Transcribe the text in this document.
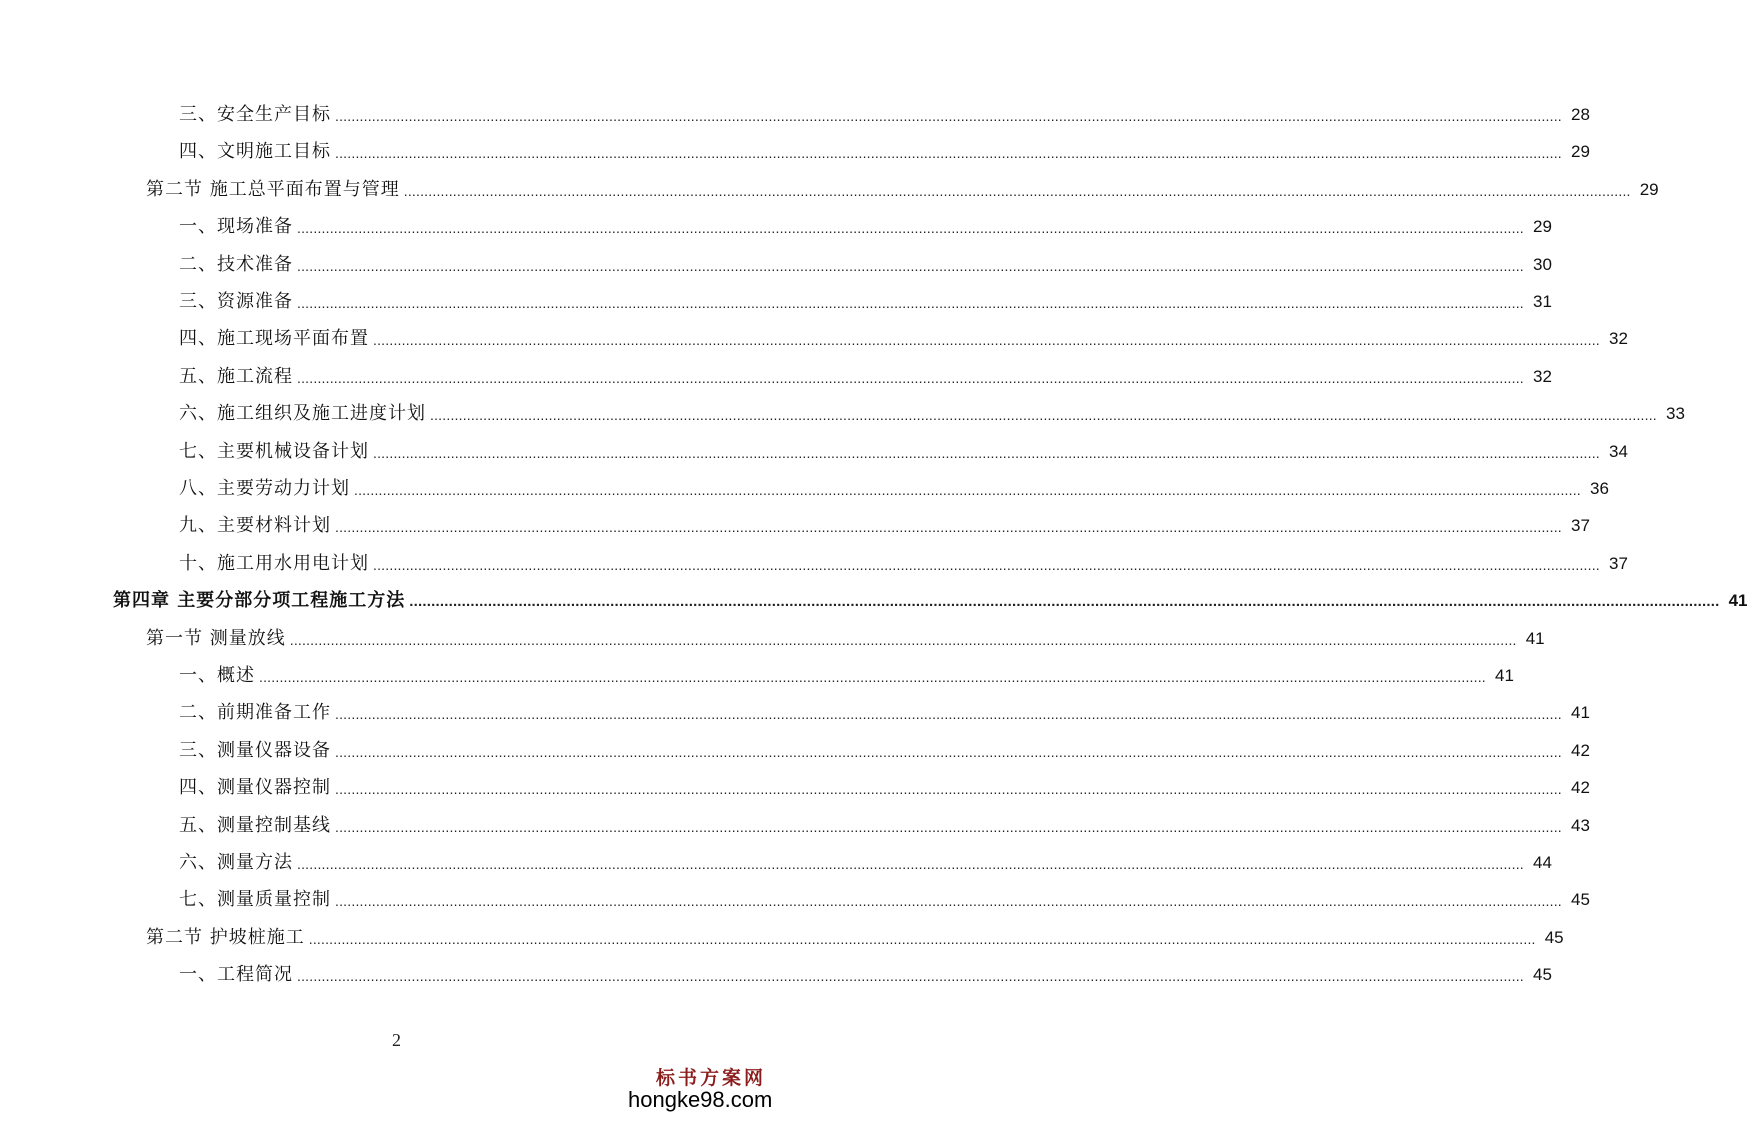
三、安全生产目标 ............................................................................................................................................................................................................................................................................................................ 28
四、文明施工目标 ............................................................................................................................................................................................................................................................................................................ 29
第二节 施工总平面布置与管理 ............................................................................................................................................................................................................................................................................................................ 29
一、现场准备 ............................................................................................................................................................................................................................................................................................................ 29
二、技术准备 ............................................................................................................................................................................................................................................................................................................ 30
三、资源准备 ............................................................................................................................................................................................................................................................................................................ 31
四、施工现场平面布置 ............................................................................................................................................................................................................................................................................................................ 32
五、施工流程 ............................................................................................................................................................................................................................................................................................................ 32
六、施工组织及施工进度计划 ............................................................................................................................................................................................................................................................................................................ 33
七、主要机械设备计划 ............................................................................................................................................................................................................................................................................................................ 34
八、主要劳动力计划 ............................................................................................................................................................................................................................................................................................................ 36
九、主要材料计划 ............................................................................................................................................................................................................................................................................................................ 37
十、施工用水用电计划 ............................................................................................................................................................................................................................................................................................................ 37
第四章 主要分部分项工程施工方法 ............................................................................................................................................................................................................................................................................................................ 41
第一节 测量放线 ............................................................................................................................................................................................................................................................................................................ 41
一、概述 ............................................................................................................................................................................................................................................................................................................ 41
二、前期准备工作 ............................................................................................................................................................................................................................................................................................................ 41
三、测量仪器设备 ............................................................................................................................................................................................................................................................................................................ 42
四、测量仪器控制 ............................................................................................................................................................................................................................................................................................................ 42
五、测量控制基线 ............................................................................................................................................................................................................................................................................................................ 43
六、测量方法 ............................................................................................................................................................................................................................................................................................................ 44
七、测量质量控制 ............................................................................................................................................................................................................................................................................................................ 45
第二节 护坡桩施工 ............................................................................................................................................................................................................................................................................................................ 45
一、工程简况 ............................................................................................................................................................................................................................................................................................................ 45
2
标书方案网
hongke98.com
